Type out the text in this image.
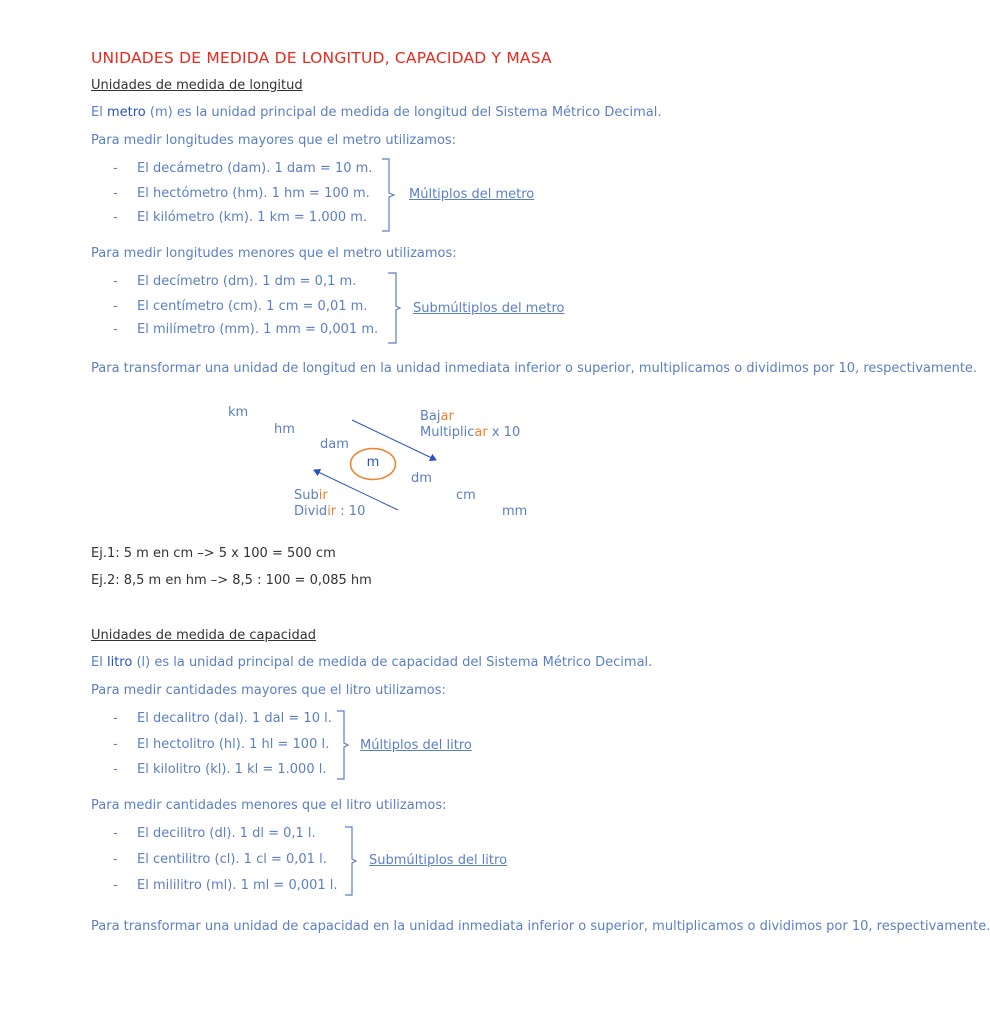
UNIDADES DE MEDIDA DE LONGITUD, CAPACIDAD Y MASA
Unidades de medida de longitud
El metro (m) es la unidad principal de medida de longitud del Sistema Métrico Decimal.
Para medir longitudes mayores que el metro utilizamos:
- El decámetro (dam). 1 dam = 10 m.
- El hectómetro (hm). 1 hm = 100 m.
- El kilómetro (km). 1 km = 1.000 m.
Múltiplos del metro
Para medir longitudes menores que el metro utilizamos:
- El decímetro (dm). 1 dm = 0,1 m.
- El centímetro (cm). 1 cm = 0,01 m.
- El milímetro (mm). 1 mm = 0,001 m.
Submúltiplos del metro
Para transformar una unidad de longitud en la unidad inmediata inferior o superior, multiplicamos o dividimos por 10, respectivamente.
km
hm
dam
m
dm
cm
mm
Bajar
Multiplicar x 10
Subir
Dividir : 10
Ej.1: 5 m en cm –> 5 x 100 = 500 cm
Ej.2: 8,5 m en hm –> 8,5 : 100 = 0,085 hm
Unidades de medida de capacidad
El litro (l) es la unidad principal de medida de capacidad del Sistema Métrico Decimal.
Para medir cantidades mayores que el litro utilizamos:
- El decalitro (dal). 1 dal = 10 l.
- El hectolitro (hl). 1 hl = 100 l.
- El kilolitro (kl). 1 kl = 1.000 l.
Múltiplos del litro
Para medir cantidades menores que el litro utilizamos:
- El decilitro (dl). 1 dl = 0,1 l.
- El centilitro (cl). 1 cl = 0,01 l.
- El mililitro (ml). 1 ml = 0,001 l.
Submúltiplos del litro
Para transformar una unidad de capacidad en la unidad inmediata inferior o superior, multiplicamos o dividimos por 10, respectivamente.
